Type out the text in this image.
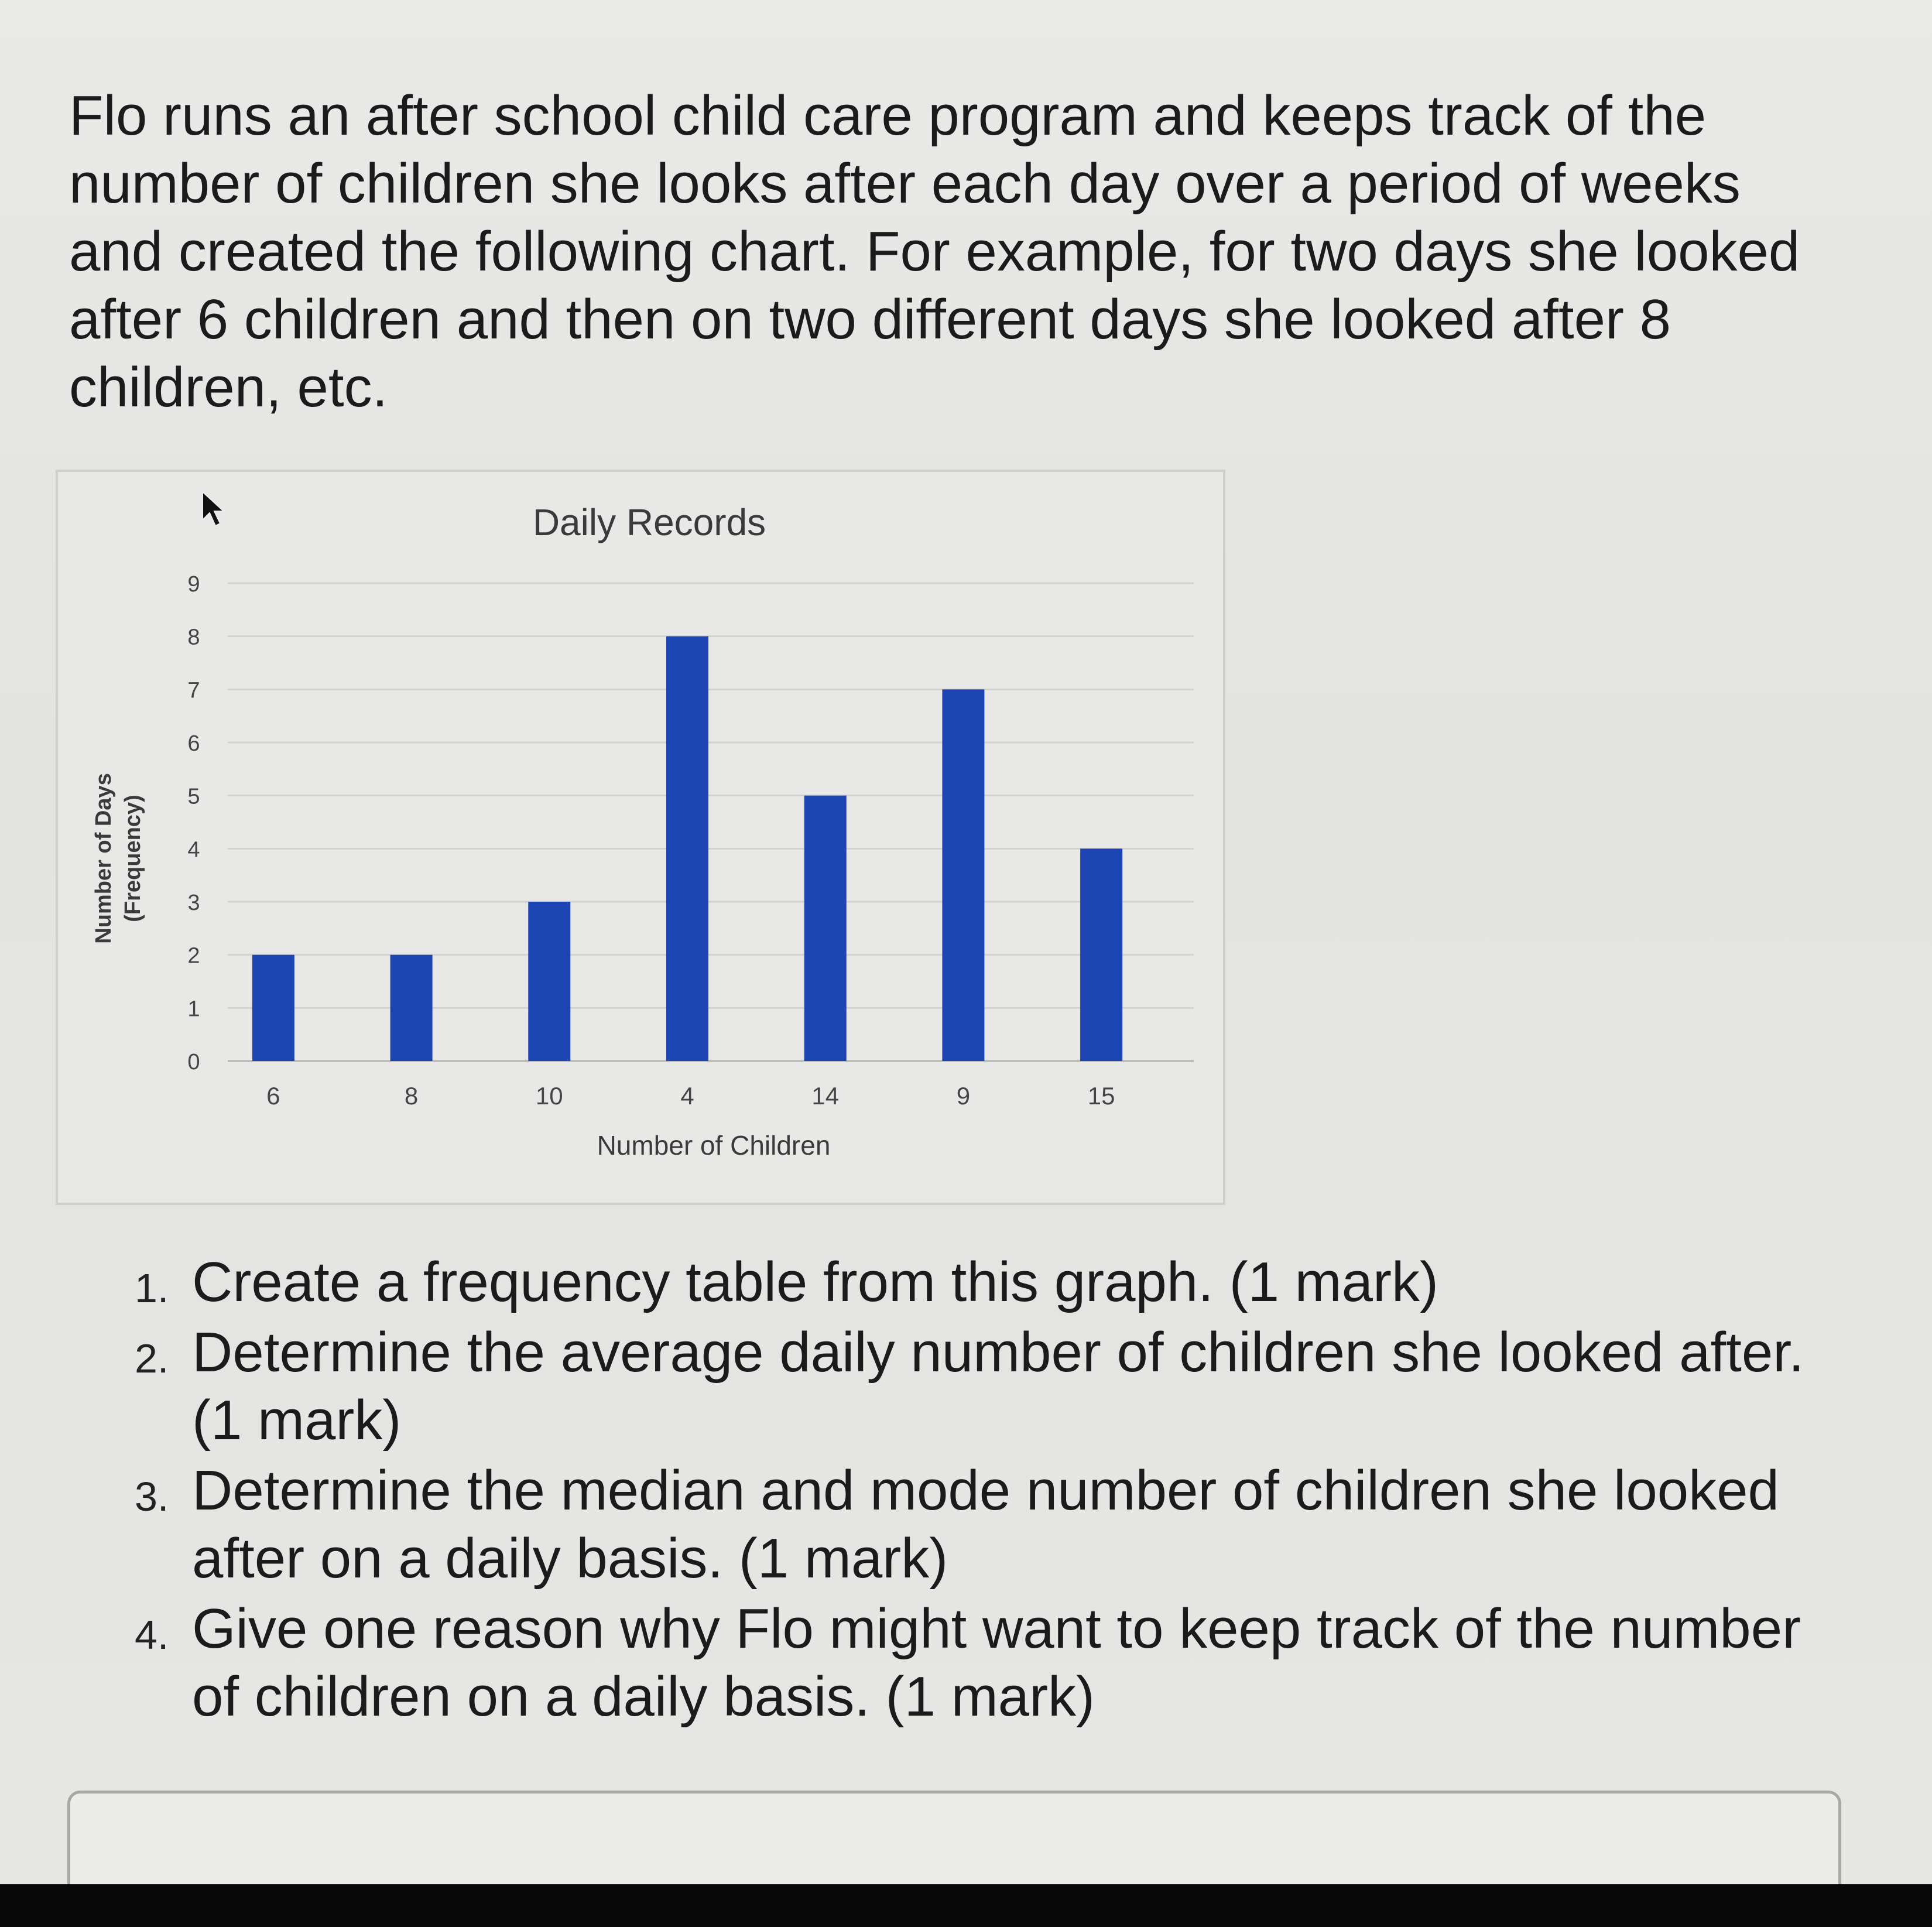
Flo runs an after school child care program and keeps track of the number of children she looks after each day over a period of weeks and created the following chart. For example, for two days she looked after 6 children and then on two different days she looked after 8 children, etc.

0
1
2
3
4
5
6
7
8
9
6	8	10	4	14	9	15
Daily Records
Number of Children
Number of Days (Frequency)
1. Create a frequency table from this graph. (1 mark)
2. Determine the average daily number of children she looked after. (1 mark)
3. Determine the median and mode number of children she looked after on a daily basis. (1 mark)
4. Give one reason why Flo might want to keep track of the number of children on a daily basis. (1 mark)
